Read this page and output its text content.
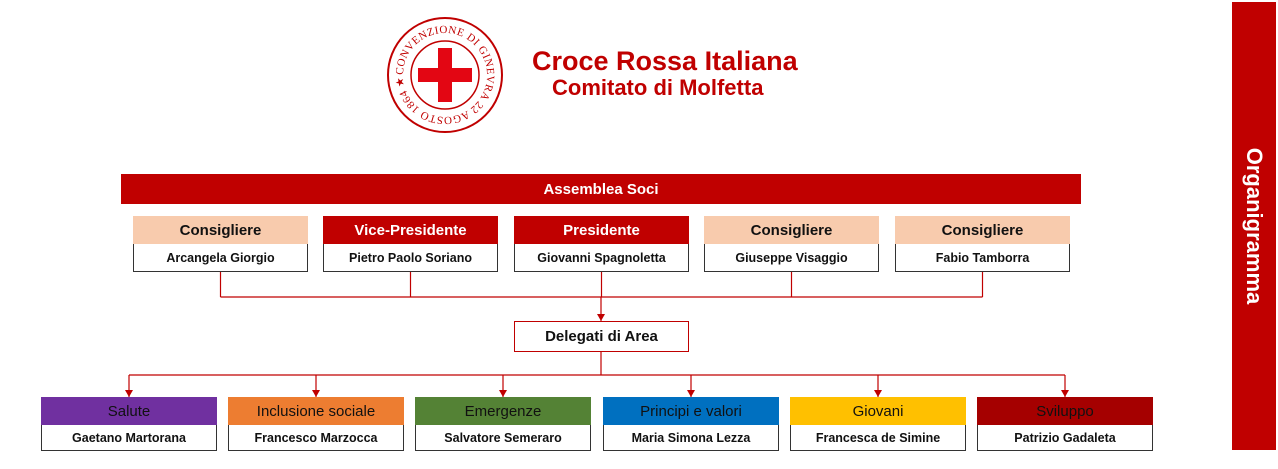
CONVENZIONE DI GINEVRA 22 AGOSTO 1864 ★
Croce Rossa Italiana
Comitato di Molfetta
Assemblea Soci
Consigliere
Arcangela Giorgio
Vice-Presidente
Pietro Paolo Soriano
Presidente
Giovanni Spagnoletta
Consigliere
Giuseppe Visaggio
Consigliere
Fabio Tamborra
Delegati di Area
Salute
Gaetano Martorana
Inclusione sociale
Francesco Marzocca
Emergenze
Salvatore Semeraro
Principi e valori
Maria Simona Lezza
Giovani
Francesca de Simine
Sviluppo
Patrizio Gadaleta
Organigramma
